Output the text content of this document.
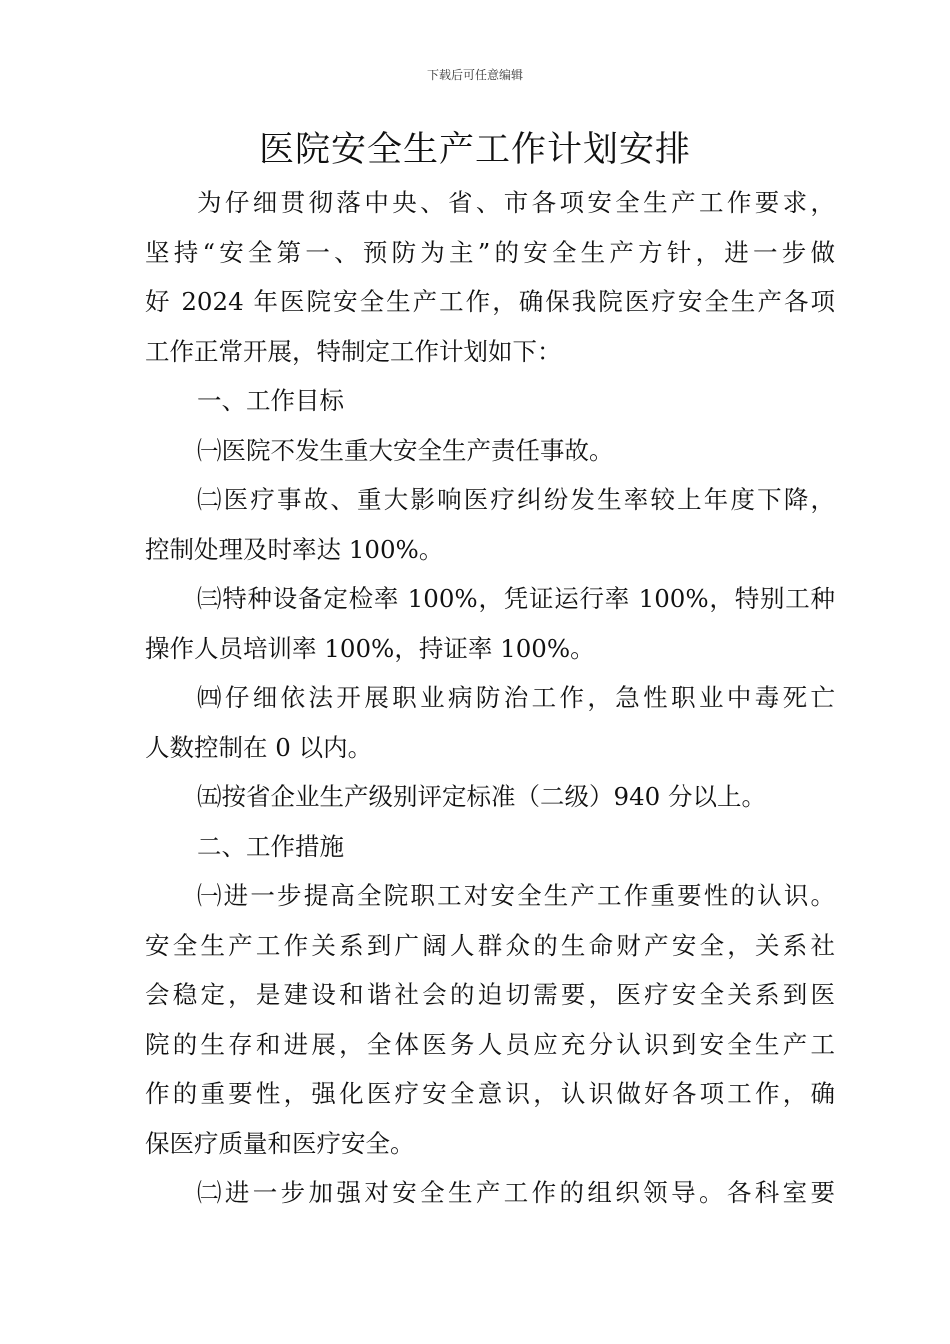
下载后可任意编辑
医院安全生产工作计划安排
为仔细贯彻落中央、省、市各项安全生产工作要求，
坚持“安全第一、预防为主”的安全生产方针，进一步做
好 2024 年医院安全生产工作，确保我院医疗安全生产各项
工作正常开展，特制定工作计划如下：
一、工作目标
㈠医院不发生重大安全生产责任事故。
㈡医疗事故、重大影响医疗纠纷发生率较上年度下降，
控制处理及时率达 100%。
㈢特种设备定检率 100%，凭证运行率 100%，特别工种
操作人员培训率 100%，持证率 100%。
㈣仔细依法开展职业病防治工作，急性职业中毒死亡
人数控制在 0 以内。
㈤按省企业生产级别评定标准（二级）940 分以上。
二、工作措施
㈠进一步提高全院职工对安全生产工作重要性的认识。
安全生产工作关系到广阔人群众的生命财产安全，关系社
会稳定，是建设和谐社会的迫切需要，医疗安全关系到医
院的生存和进展，全体医务人员应充分认识到安全生产工
作的重要性，强化医疗安全意识，认识做好各项工作，确
保医疗质量和医疗安全。
㈡进一步加强对安全生产工作的组织领导。各科室要
